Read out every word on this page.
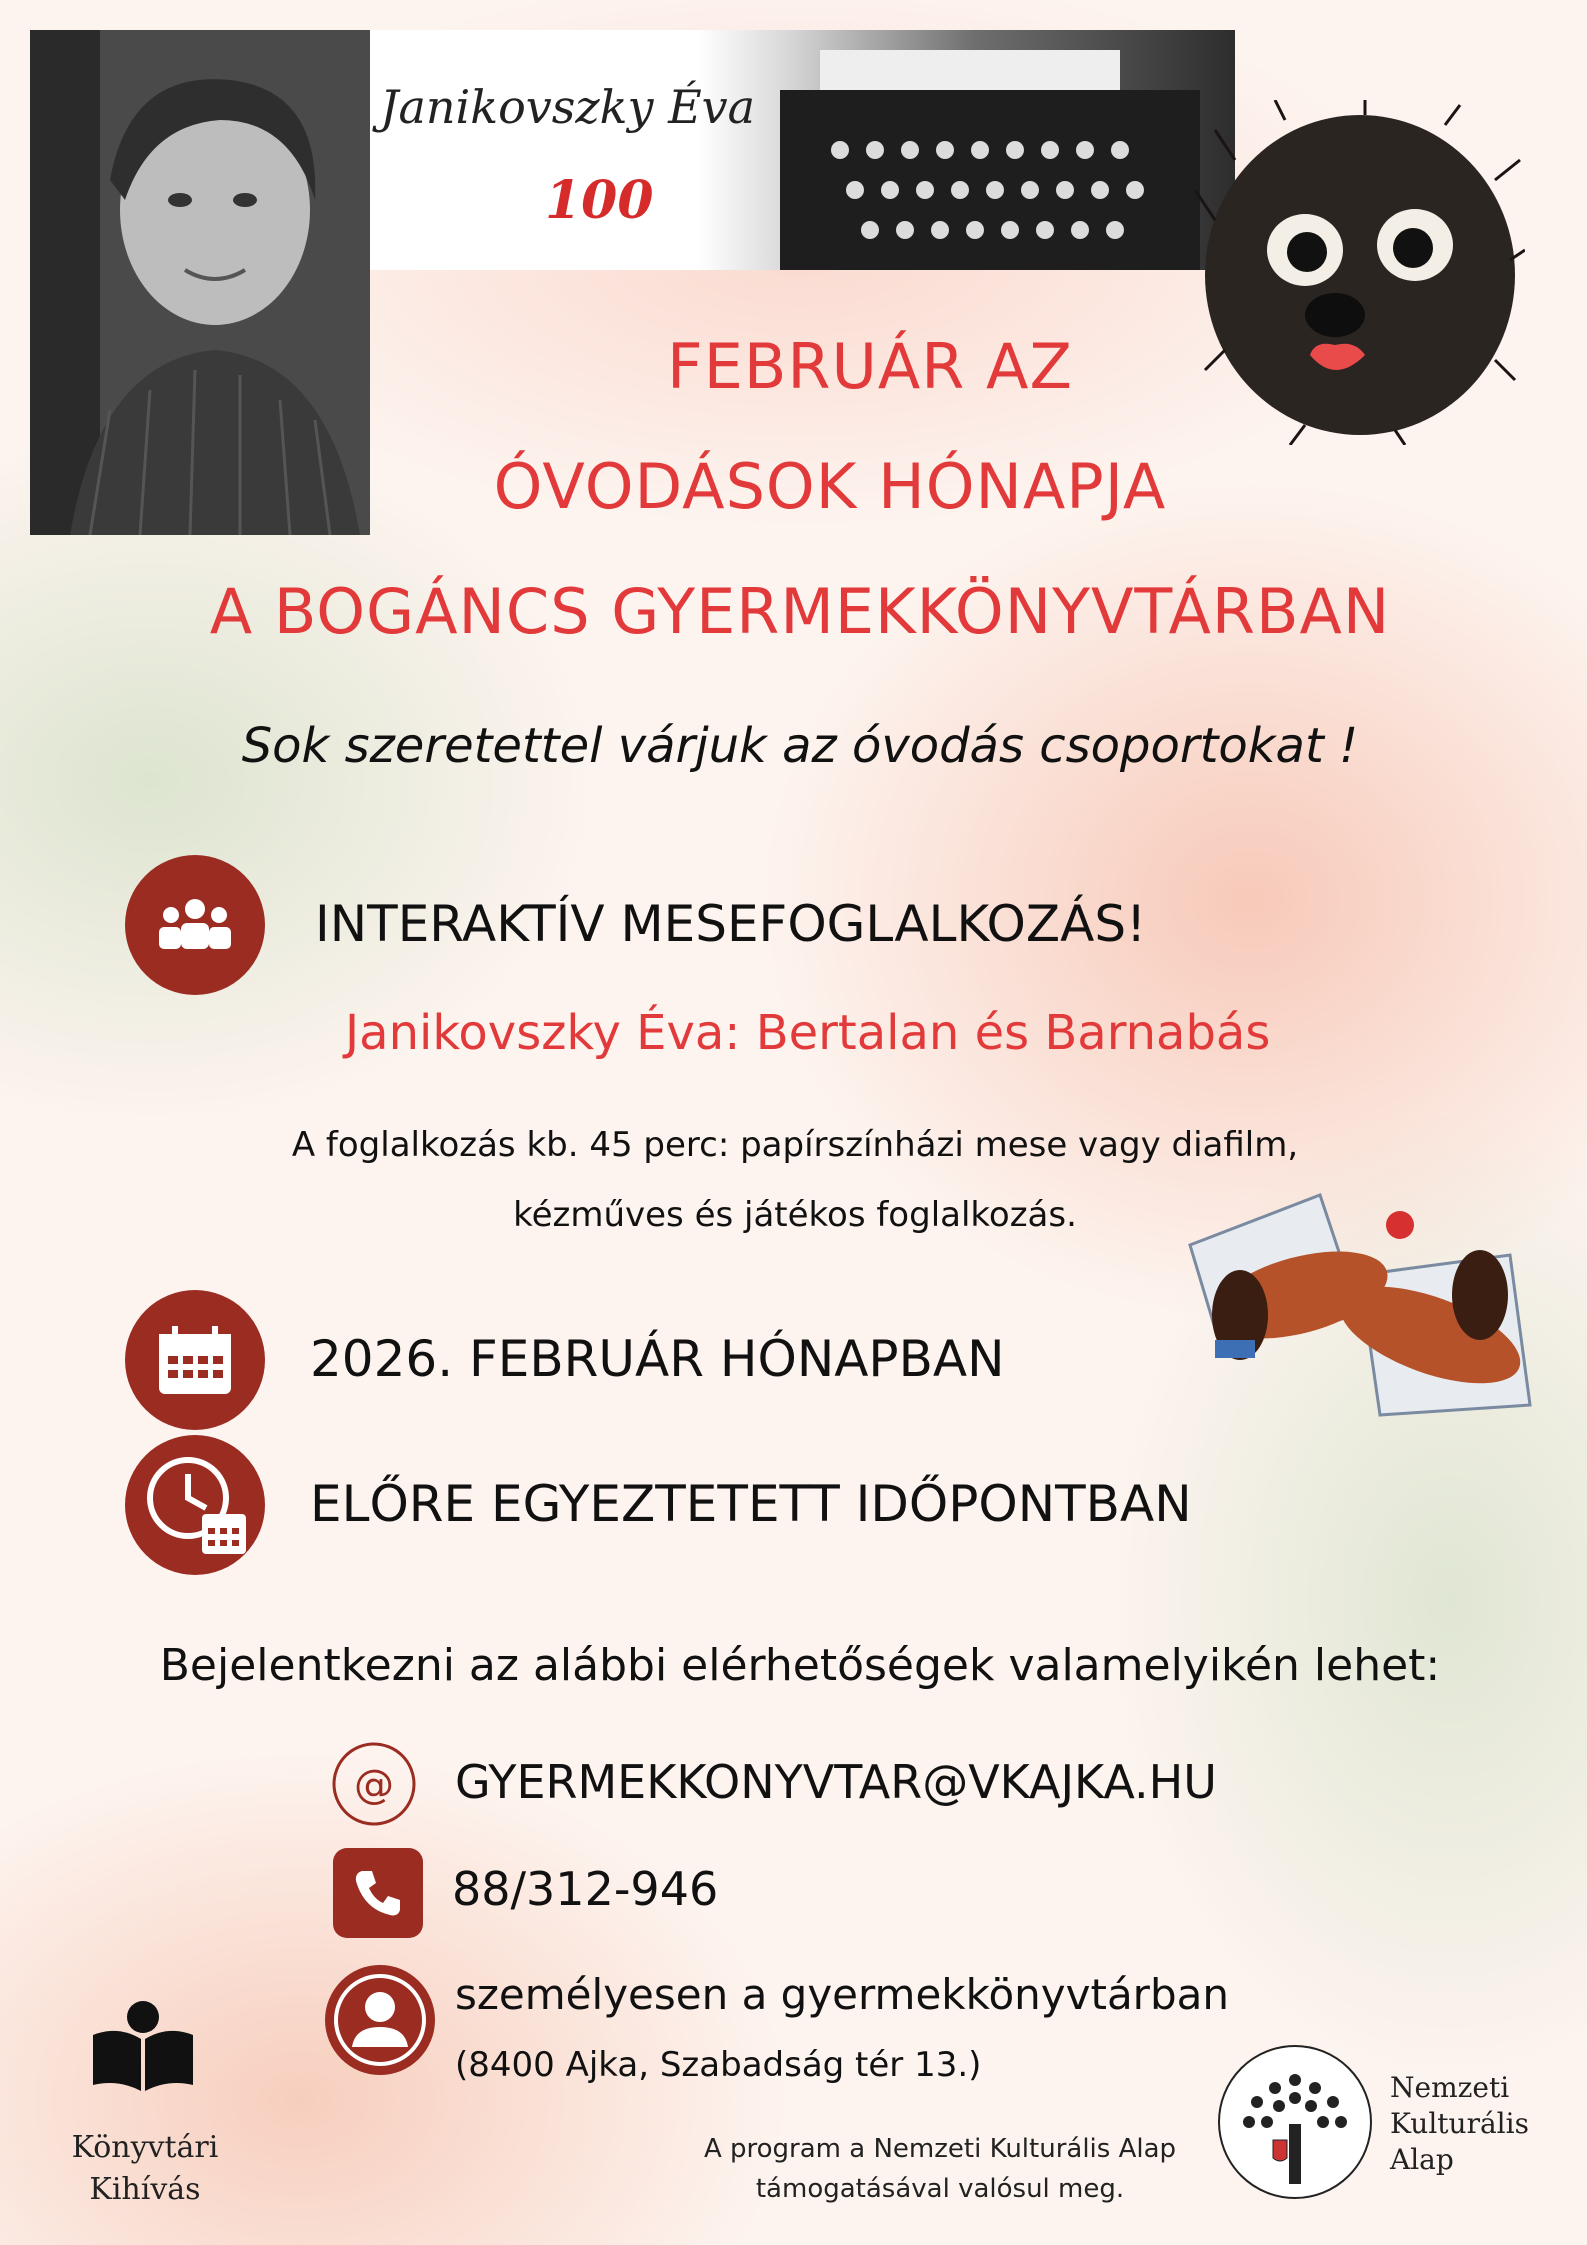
Janikovszky Éva
100
FEBRUÁR AZ
ÓVODÁSOK HÓNAPJA
A BOGÁNCS GYERMEKKÖNYVTÁRBAN
Sok szeretettel várjuk az óvodás csoportokat !
INTERAKTÍV MESEFOGLALKOZÁS!
Janikovszky Éva: Bertalan és Barnabás
A foglalkozás kb. 45 perc: papírszínházi mese vagy diafilm,
kézműves és játékos foglalkozás.
2026. FEBRUÁR HÓNAPBAN
ELŐRE EGYEZTETETT IDŐPONTBAN
Bejelentkezni az alábbi elérhetőségek valamelyikén lehet:
@ GYERMEKKONYVTAR@VKAJKA.HU
88/312-946
személyesen a gyermekkönyvtárban
(8400 Ajka, Szabadság tér 13.)
Könyvtári
Kihívás
A program a Nemzeti Kulturális Alap
támogatásával valósul meg.
Nemzeti
Kulturális
Alap
